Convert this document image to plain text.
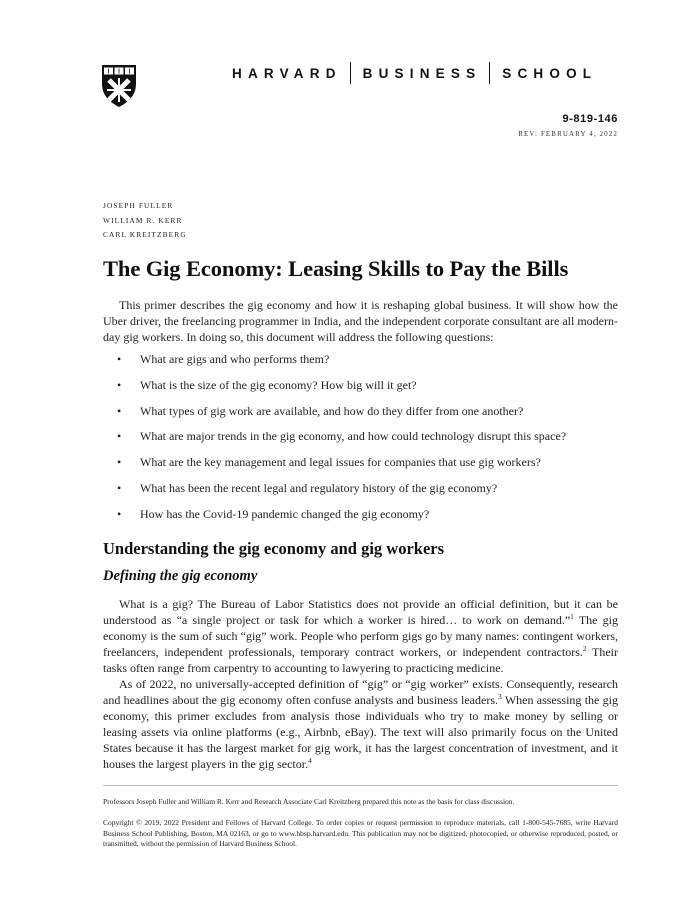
HARVARD BUSINESS SCHOOL
9-819-146
REV: FEBRUARY 4, 2022
JOSEPH FULLER
WILLIAM R. KERR
CARL KREITZBERG
The Gig Economy: Leasing Skills to Pay the Bills

This primer describes the gig economy and how it is reshaping global business. It will show how the Uber driver, the freelancing programmer in India, and the independent corporate consultant are all modern-day gig workers. In doing so, this document will address the following questions:

• What are gigs and who performs them?
• What is the size of the gig economy? How big will it get?
• What types of gig work are available, and how do they differ from one another?
• What are major trends in the gig economy, and how could technology disrupt this space?
• What are the key management and legal issues for companies that use gig workers?
• What has been the recent legal and regulatory history of the gig economy?
• How has the Covid-19 pandemic changed the gig economy?
Understanding the gig economy and gig workers
Defining the gig economy

What is a gig? The Bureau of Labor Statistics does not provide an official definition, but it can be understood as “a single project or task for which a worker is hired… to work on demand.”$^1$ The gig economy is the sum of such “gig” work. People who perform gigs go by many names: contingent workers, freelancers, independent professionals, temporary contract workers, or independent contractors.$^2$ Their tasks often range from carpentry to accounting to lawyering to practicing medicine.

As of 2022, no universally-accepted definition of “gig” or “gig worker” exists. Consequently, research and headlines about the gig economy often confuse analysts and business leaders.$^3$ When assessing the gig economy, this primer excludes from analysis those individuals who try to make money by selling or leasing assets via online platforms (e.g., Airbnb, eBay). The text will also primarily focus on the United States because it has the largest market for gig work, it has the largest concentration of investment, and it houses the largest players in the gig sector.$^4$

Professors Joseph Fuller and William R. Kerr and Research Associate Carl Kreitzberg prepared this note as the basis for class discussion.

Copyright © 2019, 2022 President and Fellows of Harvard College. To order copies or request permission to reproduce materials, call 1-800-545-7685, write Harvard Business School Publishing, Boston, MA 02163, or go to www.hbsp.harvard.edu. This publication may not be digitized, photocopied, or otherwise reproduced, posted, or transmitted, without the permission of Harvard Business School.
